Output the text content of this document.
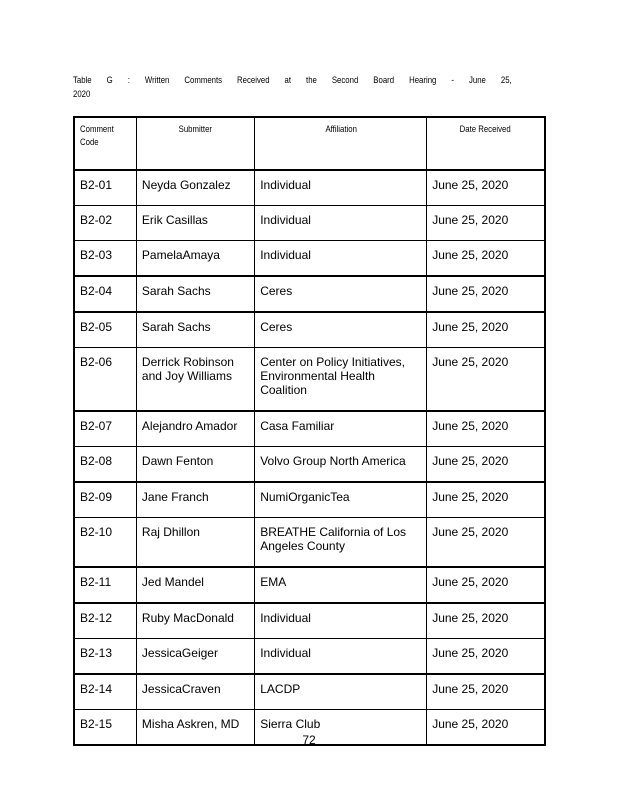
Table G : Written Comments Received at the Second Board Hearing - June 25,
2020
Comment Code	Submitter	Affiliation	Date Received
B2-01	Neyda Gonzalez	Individual	June 25, 2020
B2-02	Erik Casillas	Individual	June 25, 2020
B2-03	PamelaAmaya	Individual	June 25, 2020
B2-04	Sarah Sachs	Ceres	June 25, 2020
B2-05	Sarah Sachs	Ceres	June 25, 2020
B2-06	Derrick Robinson and Joy Williams	Center on Policy Initiatives, Environmental Health Coalition	June 25, 2020
B2-07	Alejandro Amador	Casa Familiar	June 25, 2020
B2-08	Dawn Fenton	Volvo Group North America	June 25, 2020
B2-09	Jane Franch	NumiOrganicTea	June 25, 2020
B2-10	Raj Dhillon	BREATHE California of Los Angeles County	June 25, 2020
B2-11	Jed Mandel	EMA	June 25, 2020
B2-12	Ruby MacDonald	Individual	June 25, 2020
B2-13	JessicaGeiger	Individual	June 25, 2020
B2-14	JessicaCraven	LACDP	June 25, 2020
B2-15	Misha Askren, MD	Sierra Club	June 25, 2020
72
